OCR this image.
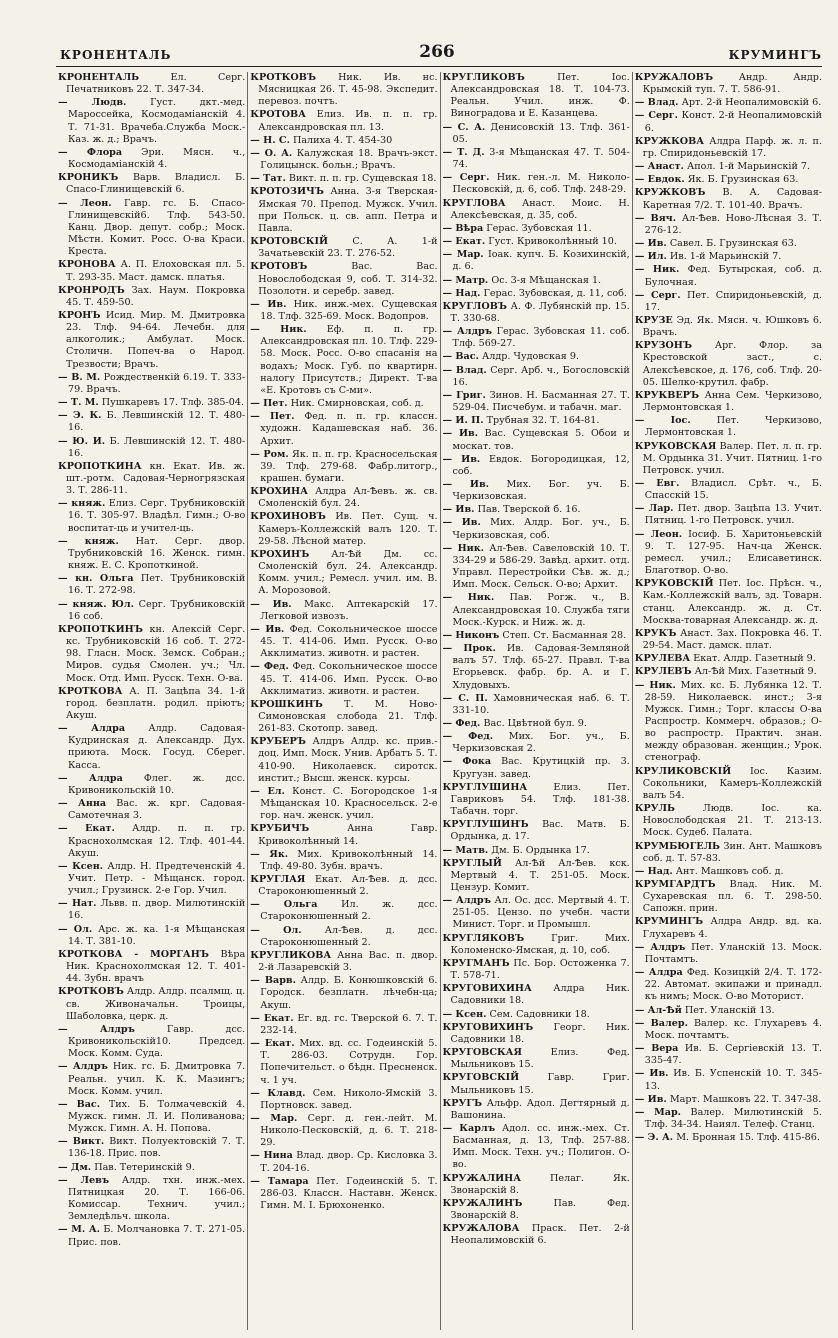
КРОНЕНТАЛЬ	266	КРУМИНГЪ

КРОНЕНТАЛЬ	Ел. Серг. Печатниковъ 22. Т. 347-34.

— Людв. Густ. дкт.-мед. Мароссейка, Космодаміанскій 4. Т. 71-31. Врачеба.Служба Моск.-Каз. ж. д.; Врачъ.

— Флора Эри. Мясн. ч., Космодаміанскій 4.

КРОНИКЪ Варв. Владисл. Б. Спасо-Глинищевскій 6.

— Леон. Гавр. гс. Б. Спасо-Глинищевскій6. Тлф. 543-50. Канц. Двор. депут. собр.; Моск. Мѣстн. Комит. Росс. О-ва Краси. Креста.

КРОНОВА А. П. Елоховская пл. 5. Т. 293-35. Маст. дамск. платья.

КРОНРОДЪ Зах. Наум. Покровка 45. Т. 459-50.

КРОНЪ Исид. Мир. М. Дмитровка 23. Тлф. 94-64. Лечебн. для алкоголик.; Амбулат. Моск. Столичн. Попеч-ва о Народ. Трезвости; Врачъ.

— В. М. Рождественкій 6.19. Т. 333-79. Врачъ.

— Т. М. Пушкаревъ 17. Тлф. 385-04.

— Э. К. Б. Левшинскій 12. Т. 480-16.

— Ю. И. Б. Левшинскій 12. Т. 480-16.

КРОПОТКИНА кн. Екат. Ив. ж. шт.-ротм. Садовая-Черногрязская 3. Т. 286-11.

— княж. Елиз. Серг. Трубниковскій 16. Т. 305-97. Владѣл. Гимн.; О-во воспитат-ць и учител-ць.

— княж. Нат. Серг. двор. Трубниковскій 16. Женск. гимн. княж. Е. С. Кропоткиной.

— кн. Ольга Пет. Трубниковскій 16. Т. 272-98.

— княж. Юл. Серг. Трубниковскій 16 соб.

КРОПОТКИНЪ кн. Алексій Серг. кс. Трубниковскій 16 соб. Т. 272-98. Гласн. Моск. Земск. Собран.; Миров. судья Смолен. уч.; Чл. Моск. Отд. Имп. Русск. Техн. О-ва.

КРОТКОВА А. П. Зацѣпа 34. 1-й город. безплатн. родил. пріютъ; Акуш.

— Алдра Алдр. Садовая-Кудринская д. Александр. Дух. приюта. Моск. Госуд. Сберег. Касса.

— Алдра Флег. ж. дсс. Кривоникольскій 10.

— Анна Вас. ж. крг. Садовая-Самотечная 3.

— Екат. Алдр. п. п. гр. Краснохолмская 12. Тлф. 401-44. Акуш.

— Ксен. Алдр. Н. Предтеченскій 4. Учит. Петр. - Мѣщанск. город. учил.; Грузинск. 2-е Гор. Учил.

— Нат. Львв. п. двор. Милютинскій 16.

— Ол. Арс. ж. ка. 1-я Мѣщанская 14. Т. 381-10.

КРОТКОВА - МОРГАНЪ Вѣра Ник. Краснохолмская 12. Т. 401-44. Зубн. врачъ

КРОТКОВЪ Алдр. Алдр. псалмщ. ц. св. Живоначальн. Троицы, Шаболовка, церк. д.

— Алдръ	Гавр. дсс. Кривоникольскій10. Председ. Моск. Комм. Суда.

— Алдръ Ник. гс. Б. Дмитровка 7. Реальн. учил. К. К. Мазингъ; Моск. Комм. учил.

— Вас. Тих. Б. Толмачевскій 4. Мужск. гимн. Л. И. Поливанова; Мужск. Гимн. А. Н. Попова.

— Викт. Викт. Полуектовскій 7. Т. 136-18. Прис. пов.

— Дм. Пав. Тетеринскій 9.

— Левъ Алдр. тхн. инж.-мех. Пятницкая 20. Т. 166-06. Комиссар. Технич. учил.; Земледѣльч. школа.

— М. А. Б. Молчановка 7. Т. 271-05. Прис. пов.

КРОТКОВЪ Ник. Ив. нс. Мясницкая 26. Т. 45-98. Экспедит. перевоз. почтъ.

КРОТОВА Елиз. Ив. п. п. гр. Александровская пл. 13.

— Н. С. Палиха 4. Т. 454-30

— О. А. Калужская 18. Врачъ-экст. Голицынск. больн.; Врачъ.

— Тат. Викт. п. п. гр. Сущевская 18.

КРОТОЗИЧЪ Анна. 3-я Тверская-Ямская 70. Препод. Мужск. Учил. при Польск. ц. св. апп. Петра и Павла.

КРОТОВСКІЙ	С. А. 1-й Зачатьевскій 23. Т. 276-52.

КРОТОВЪ	Вас. Вас. Новослободская 9, соб. Т. 314-32. Позолотн. и серебр. завед.

— Ив. Ник. инж.-мех. Сущевская 18. Тлф. 325-69. Моск. Водопров.

— Ник. Еф. п. п. гр. Александровская пл. 10. Тлф. 229-58. Моск. Росс. О-во спасанія на водахъ; Моск. Губ. по квартирн. налогу Присутств.; Директ. Т-ва «Е. Кротовъ съ С-ми».

— Пет. Ник. Смирновская, соб. д.

— Пет. Фед. п. п. гр. классн. художн. Кадашевская наб. 36. Архит.

— Ром. Як. п. п. гр. Красносельская 39. Тлф. 279-68. Фабр.литогр., крашен. бумаги.

КРОХИНА Алдра Ал-Ѣевъ. ж. св. Смоленскій бул. 24.

КРОХИНОВЪ Ив. Пет. Сущ. ч. Камеръ-Коллежскій валъ 120. Т. 29-58. Лѣсной матер.

КРОХИНЪ Ал-Ѣй Дм. сс. Смоленскій бул. 24. Александр. Комм. учил.; Ремесл. учил. им. В. А. Морозовой.

— Ив. Макс. Аптекарскій 17. Легковой извозъ.

— Ив. Фед. Сокольническое шоссе 45. Т. 414-06. Имп. Русск. О-во Акклиматиз. животн. и растен.

— Фед. Фед. Сокольническое шоссе 45. Т. 414-06. Имп. Русск. О-во Акклиматиз. животн. и растен.

КРОШКИНЪ Т. М. Ново-Симоновская слобода 21. Тлф. 261-83. Скотопр. завед.

КРУБЕРЪ Алдръ Алдр. кс. прив.-доц. Имп. Моск. Унив. Арбатъ 5. Т. 410-90. Николаевск. сиротск. инстит.; Высш. женск. курсы.

— Ел. Конст. С. Богородское 1-я Мѣщанская 10. Красносельск. 2-е гор. нач. женск. учил.

КРУБИЧЪ	Анна Гавр. Кривоколѣнный 14.

— Як. Мих. Кривоколѣнный 14. Тлф. 49-80. Зубн. врачъ.

КРУГЛАЯ Екат. Ал-Ѣев. д. дсс. Староконюшенный 2.

— Ольга Ил. ж. дсс. Староконюшенный 2.

— Ол. Ал-Ѣев. д. дсс. Староконюшенный 2.

КРУГЛИКОВА Анна Вас. п. двор. 2-й Лазаревскій 3.

— Варв. Алдр. Б. Конюшковскій 6. Городск. безплатн. лѣчебн-ца; Акуш.

— Екат. Ег. вд. гс. Тверской 6. 7. Т. 232-14.

— Екат. Мих. вд. сс. Годеинскій 5. Т. 286-03. Сотрудн. Гор. Попечительст. о бѣдн. Пресненск. ч. 1 уч.

— Клавд. Сем. Николо-Ямскій 3. Портновск. завед.

— Мар. Серг. д. ген.-лейт. М. Николо-Песковскій, д. 6. Т. 218-29.

— Нина Влад. двор. Ср. Кисловка 3. Т. 204-16.

— Тамара Пет. Годеинскій 5. Т. 286-03. Классн. Наставн. Женск. Гимн. М. І. Брюхоненко.

КРУГЛИКОВЪ	Пет. Іос. Александровская 18. Т. 104-73. Реальн. Учил. инж. Ф. Виноградова и Е. Казанцева.

— С. А. Денисовскій 13. Тлф. 361-05.

— Т. Д. 3-я Мѣщанская 47. Т. 504-74.

— Серг. Ник. ген.-л. М. Николо-Песковскій, д. 6, соб. Тлф. 248-29.

КРУГЛОВА Анаст. Моис. Н. Алексѣевская, д. 35, соб.

— Вѣра Герас. Зубовская 11.

— Екат. Густ. Кривоколѣнный 10.

— Мар. Іоак. купч. Б. Козихинскій, д. 6.

— Матр. Ос. 3-я Мѣщанская 1.

— Над. Герас. Зубовская, д. 11, соб.

КРУГЛОВЪ А. Ф. Лубянскій пр. 15. Т. 330-68.

— Алдръ Герас. Зубовская 11. соб. Тлф. 569-27.

— Вас. Алдр. Чудовская 9.

— Влад. Серг. Арб. ч., Богословскій 16.

— Григ. Зинов. Н. Басманная 27. Т. 529-04. Писчебум. и табачн. маг.

— И. П. Трубная 32. Т. 164-81.

— Ив. Вас. Сущевская 5. Обои и москат. тов.

— Ив. Евдок. Богородицкая, 12, соб.

— Ив. Мих. Бог. уч. Б. Черкизовская.

— Ив. Пав. Тверской б. 16.

— Ив. Мих. Алдр. Бог. уч., Б. Черкизовская, соб.

— Ник. Ал-Ѣев. Савеловскій 10. Т. 334-29 и 586-29. Завѣд. архит. отд. Управл. Перестройки Сѣв. ж. д.; Имп. Моск. Сельск. О-во; Архит.

— Ник. Пав. Рогж. ч., В. Александровская 10. Служба тяги Моск.-Курск. и Ниж. ж. д.

— Никонъ Степ. Ст. Басманная 28.

— Прок. Ив. Садовая-Земляной валъ 57. Тлф. 65-27. Правл. Т-ва Егорьевск. фабр. бр. А. и Г. Хлудовыхъ.

— С. П. Хамовническая наб. 6. Т. 331-10.

— Фед. Вас. Цвѣтной бул. 9.

— Фед. Мих. Бог. уч., Б. Черкизовская 2.

— Фока Вас. Крутицкій пр. 3. Кругузн. завед.

КРУГЛУШИНА	Елиз. Пет. Гавриковъ 54. Тлф. 181-38. Табачн. торг.

КРУГЛУШИНЪ Вас. Матв. Б. Ордынка, д. 17.

— Матв. Дм. Б. Ордынка 17.

КРУГЛЫЙ Ал-Ѣй Ал-Ѣев. кск. Мертвый 4. Т. 251-05. Моск. Цензур. Комит.

— Алдръ Ал. Ос. дсс. Мертвый 4. Т. 251-05. Цензо. по учебн. части Минист. Торг. и Промышл.

КРУГЛЯКОВЪ	Григ. Мих. Коломенско-Ямская, д. 10, соб.

КРУГМАНЪ Пс. Бор. Остоженка 7. Т. 578-71.

КРУГОВИХИНА Алдра Ник. Садовники 18.

— Ксен. Сем. Садовники 18.

КРУГОВИХИНЪ Георг. Ник. Садовники 18.

КРУГОВСКАЯ	Елиз. Фед. Мыльниковъ 15.

КРУГОВСКІЙ	Гавр. Григ. Мыльниковъ 15.

КРУГЪ Альфр. Адол. Дегтярный д. Вашонина.

— Карлъ Адол. сс. инж.-мех. Ст. Басманная, д. 13, Тлф. 257-88. Имп. Моск. Техн. уч.; Полигон. О-во.

КРУЖАЛИНА	Пелаг. Як. Звонарскій 8.

КРУЖАЛИНЪ	Пав. Фед. Звонарскій 8.

КРУЖАЛОВА Праск. Пет. 2-й Неопалимовскій 6.

КРУЖАЛОВЪ	Андр. Андр. Крымскій туп. 7. Т. 586-91.

— Влад. Арт. 2-й Неопалимовскій 6.

— Серг. Конст. 2-й Неопалимовскій 6.

КРУЖКОВА Алдра Парф. ж. л. п. гр. Спиридоньевскій 17.

— Анаст. Апол. 1-й Марьинскій 7.

— Евдок. Як. Б. Грузинская 63.

КРУЖКОВЪ В. А. Садовая-Каретная 7/2. Т. 101-40. Врачъ.

— Вяч. Ал-Ѣев. Ново-Лѣсная 3. Т. 276-12.

— Ив. Савел. Б. Грузинская 63.

— Ил. Ив. 1-й Марьинскій 7.

— Ник. Фед. Бутырская, соб. д. Булочная.

— Серг. Пет. Спиридоньевскій, д. 17.

КРУЗЕ Эд. Як. Мясн. ч. Юшковъ 6. Врачъ.

КРУЗОНЪ Арг. Флор. за Крестовской заст., с. Алексѣевское, д. 176, соб. Тлф. 20-05. Шелко-крутил. фабр.

КРУКВЕРЪ Анна Сем. Черкизово, Лермонтовская 1.

— Іос.	Пет. Черкизово, Лермонтовская 1.

КРУКОВСКАЯ Валер. Пет. л. п. гр. М. Ордынка 31. Учит. Пятниц. 1-го Петровск. учил.

— Евг. Владисл. Срѣт. ч., Б. Спасскій 15.

— Лар. Пет. двор. Зацѣпа 13. Учит. Пятниц. 1-го Петровск. учил.

— Леон. Іосиф. Б. Харитоньевскій 9. Т. 127-95. Нач-ца Женск. ремесл. учил.; Елисаветинск. Благотвор. О-во.

КРУКОВСКІЙ Пет. Іос. Прѣсн. ч., Кам.-Коллежскій валъ, зд. Товарн. станц. Александр. ж. д. Ст. Москва-товарная Александр. ж. д.

КРУКЪ Анаст. Зах. Покровка 46. Т. 29-54. Маст. дамск. плат.

КРУЛЕВА Екат. Алдр. Газетный 9.

КРУЛЕВЪ Ал-Ѣй Мих. Газетный 9.

— Ник. Мих. кс. Б. Лубянка 12. Т. 28-59. Николаевск. инст.; 3-я Мужск. Гимн.; Торг. классы О-ва Распростр. Коммерч. образов.; О-во распростр. Практич. знан. между образован. женщин.; Урок. стенограф.

КРУЛИКОВСКІЙ Іос. Казим. Сокольники, Камеръ-Коллежскій валъ 54.

КРУЛЬ	Людв. Іос. ка. Новослободская 21. Т. 213-13. Моск. Судеб. Палата.

КРУМБЮГЕЛЬ Зин. Ант. Машковъ соб. д. Т. 57-83.

— Над. Ант. Машковъ соб. д.

КРУМГАРДТЪ Влад. Ник. М. Сухаревская пл. 6. Т. 298-50. Сапожн. прин.

КРУМИНГЪ Алдра Андр. вд. ка. Глухаревъ 4.

— Алдръ Пет. Уланскій 13. Моск. Почтамтъ.

— Алдра Фед. Козицкій 2/4. Т. 172-22. Автомат. экипажи и принадл. къ нимъ; Моск. О-во Моторист.

— Ал-Ѣй Пет. Уланскій 13.

— Валер. Валер. кс. Глухаревъ 4. Моск. почтамтъ.

— Вера Ив. Б. Сергіевскій 13. Т. 335-47.

— Ив. Ив. Б. Успенскій 10. Т. 345-13.

— Ив. Март. Машковъ 22. Т. 347-38.

— Мар. Валер. Милютинскій 5. Тлф. 34-34. Наиял. Телеф. Станц.

— Э. А. М. Бронная 15. Тлф. 415-86.
